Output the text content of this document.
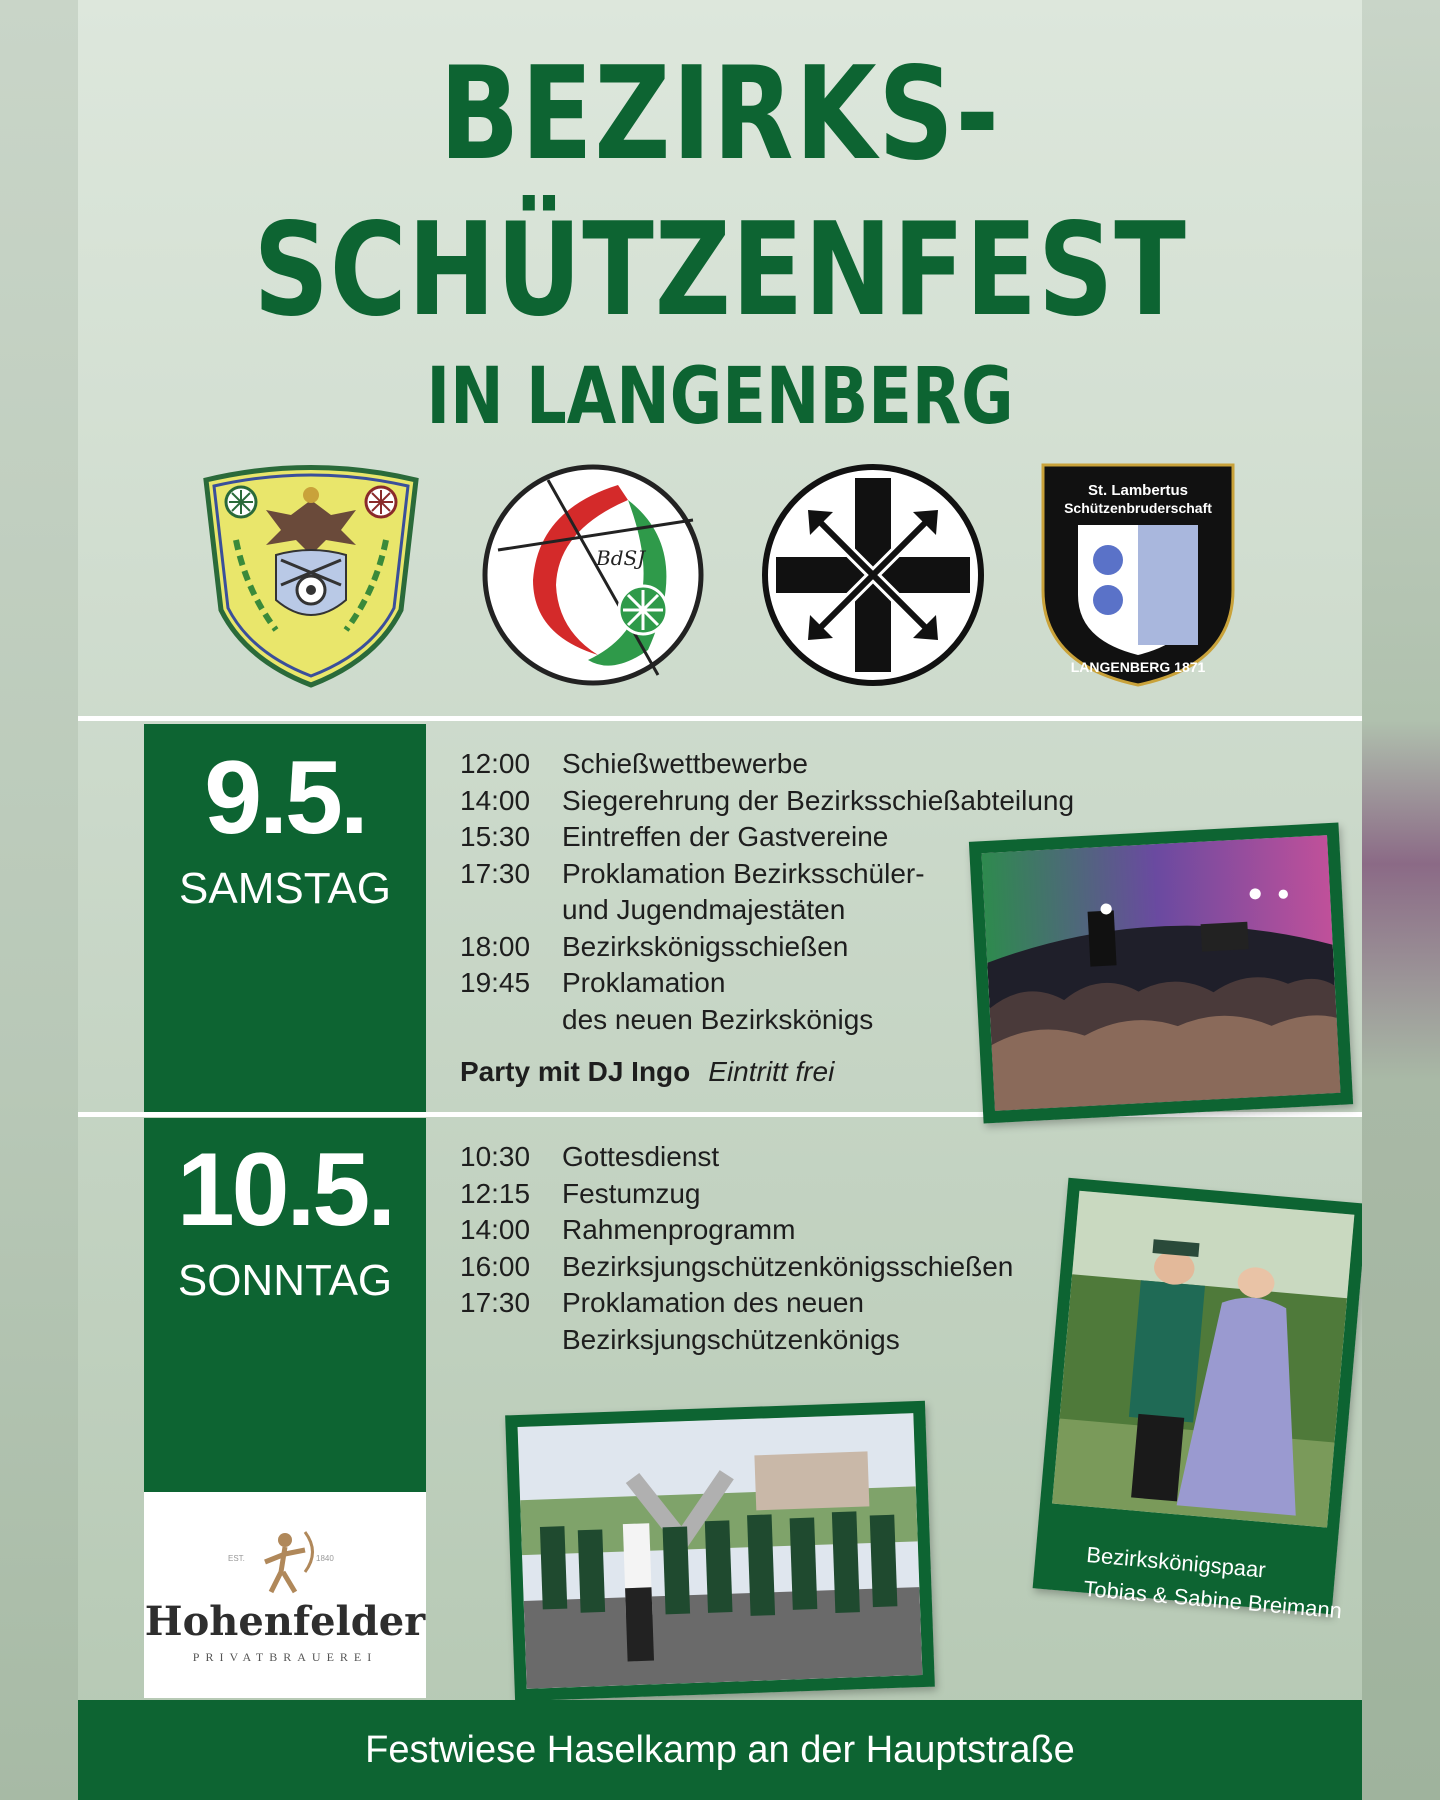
BEZIRKS-
SCHÜTZENFEST
IN LANGENBERG
BdSJ
St. Lambertus
Schützenbruderschaft
LANGENBERG 1871
9.5.
SAMSTAG
12:00	Schießwettbewerbe
14:00	Siegerehrung der Bezirksschießabteilung
15:30	Eintreffen der Gastvereine
17:30	Proklamation Bezirksschüler-
und Jugendmajestäten
18:00	Bezirkskönigsschießen
19:45	Proklamation
des neuen Bezirkskönigs
Party mit DJ Ingo Eintritt frei
10.5.
SONNTAG
10:30	Gottesdienst
12:15	Festumzug
14:00	Rahmenprogramm
16:00	Bezirksjungschützenkönigsschießen
17:30	Proklamation des neuen
Bezirksjungschützenkönigs
Bezirkskönigspaar
Tobias & Sabine Breimann
EST.	1840
Hohenfelder
PRIVATBRAUEREI
Festwiese Haselkamp an der Hauptstraße
